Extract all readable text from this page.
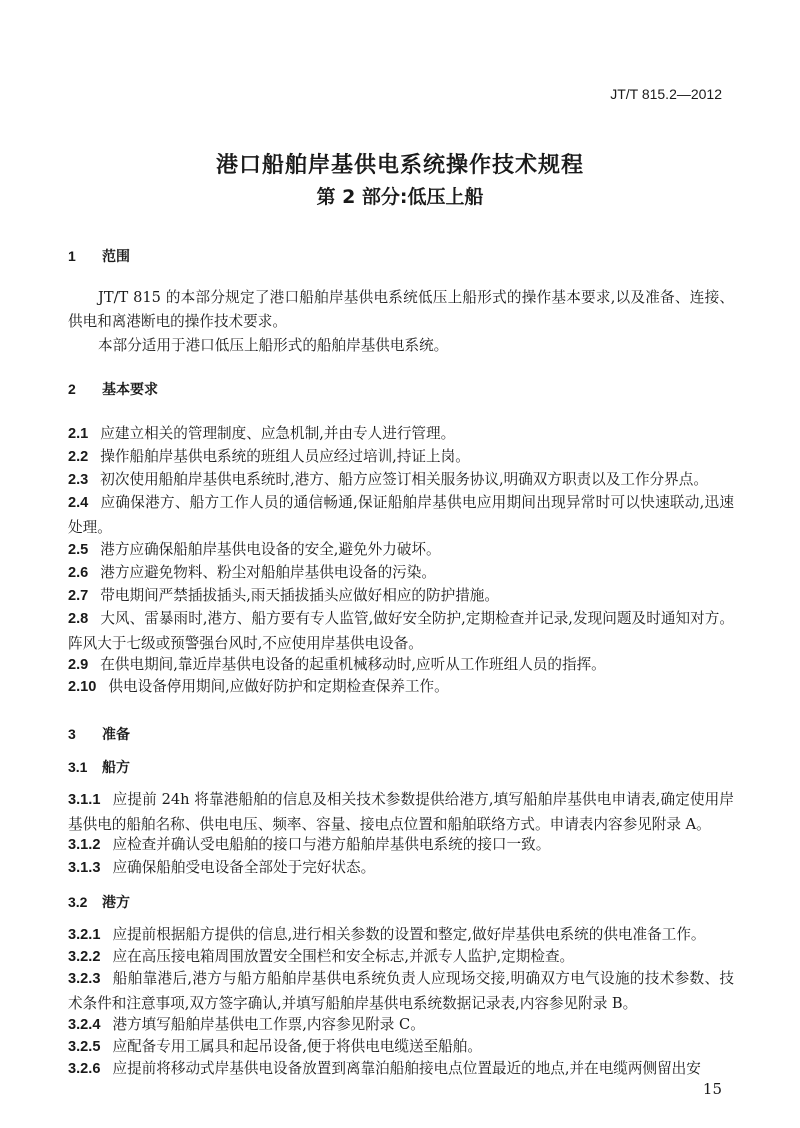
JT/T 815.2—2012
港口船舶岸基供电系统操作技术规程
第 2 部分:低压上船
1 范围
JT/T 815 的本部分规定了港口船舶岸基供电系统低压上船形式的操作基本要求,以及准备、连接、供电和离港断电的操作技术要求。
本部分适用于港口低压上船形式的船舶岸基供电系统。
2 基本要求
2.1 应建立相关的管理制度、应急机制,并由专人进行管理。
2.2 操作船舶岸基供电系统的班组人员应经过培训,持证上岗。
2.3 初次使用船舶岸基供电系统时,港方、船方应签订相关服务协议,明确双方职责以及工作分界点。
2.4 应确保港方、船方工作人员的通信畅通,保证船舶岸基供电应用期间出现异常时可以快速联动,迅速处理。
2.5 港方应确保船舶岸基供电设备的安全,避免外力破坏。
2.6 港方应避免物料、粉尘对船舶岸基供电设备的污染。
2.7 带电期间严禁插拔插头,雨天插拔插头应做好相应的防护措施。
2.8 大风、雷暴雨时,港方、船方要有专人监管,做好安全防护,定期检查并记录,发现问题及时通知对方。阵风大于七级或预警强台风时,不应使用岸基供电设备。
2.9 在供电期间,靠近岸基供电设备的起重机械移动时,应听从工作班组人员的指挥。
2.10 供电设备停用期间,应做好防护和定期检查保养工作。
3 准备
3.1 船方
3.1.1 应提前 24h 将靠港船舶的信息及相关技术参数提供给港方,填写船舶岸基供电申请表,确定使用岸基供电的船舶名称、供电电压、频率、容量、接电点位置和船舶联络方式。申请表内容参见附录 A。
3.1.2 应检查并确认受电船舶的接口与港方船舶岸基供电系统的接口一致。
3.1.3 应确保船舶受电设备全部处于完好状态。
3.2 港方
3.2.1 应提前根据船方提供的信息,进行相关参数的设置和整定,做好岸基供电系统的供电准备工作。
3.2.2 应在高压接电箱周围放置安全围栏和安全标志,并派专人监护,定期检查。
3.2.3 船舶靠港后,港方与船方船舶岸基供电系统负责人应现场交接,明确双方电气设施的技术参数、技术条件和注意事项,双方签字确认,并填写船舶岸基供电系统数据记录表,内容参见附录 B。
3.2.4 港方填写船舶岸基供电工作票,内容参见附录 C。
3.2.5 应配备专用工属具和起吊设备,便于将供电电缆送至船舶。
3.2.6 应提前将移动式岸基供电设备放置到离靠泊船舶接电点位置最近的地点,并在电缆两侧留出安
15
